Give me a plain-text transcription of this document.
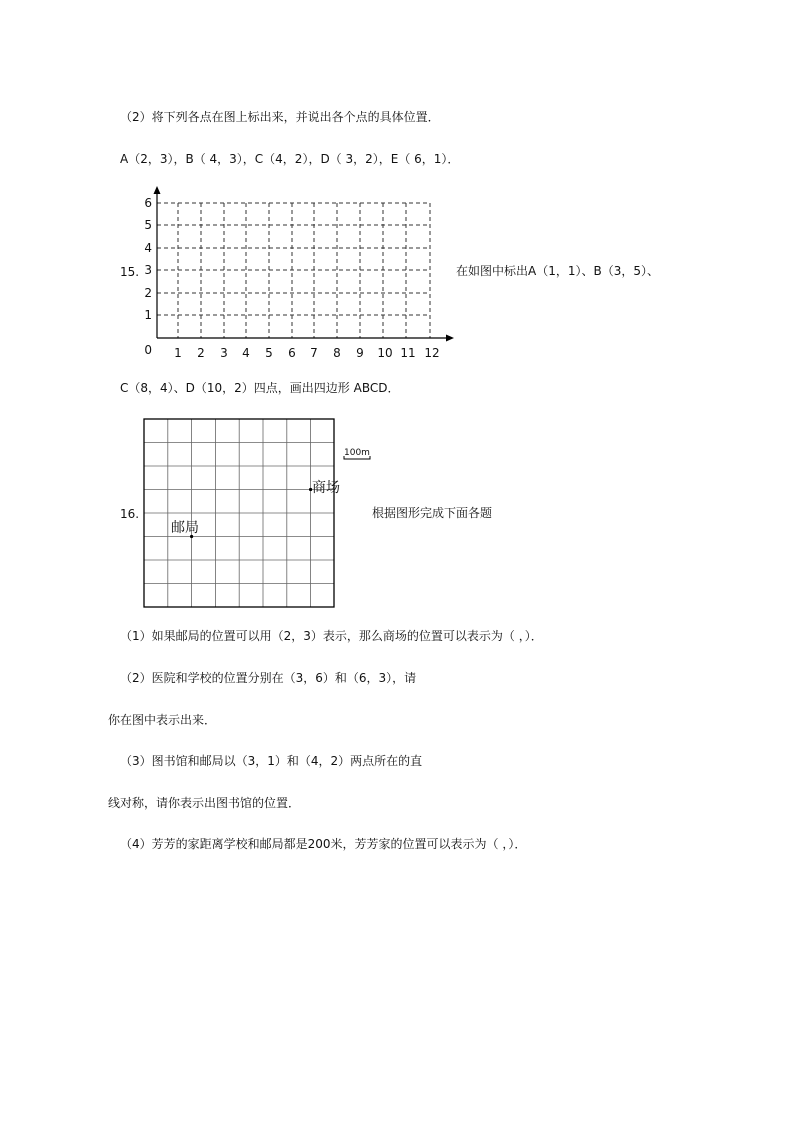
（2）将下列各点在图上标出来，并说出各个点的具体位置．
A（2，3），B（ 4，3），C（4，2），D（ 3，2），E（ 6，1）．
15.	在如图中标出A（1，1）、B（3，5）、
6
5
4
3
2
1
0 1 2 3 4 5 6 7 8 9 10 11 12
C（8，4）、D（10，2）四点，画出四边形 ABCD．
16.	根据图形完成下面各题
邮局
商场
100m
（1）如果邮局的位置可以用（2，3）表示，那么商场的位置可以表示为（ ，）．
（2）医院和学校的位置分别在（3，6）和（6，3），请
你在图中表示出来．
（3）图书馆和邮局以（3，1）和（4，2）两点所在的直
线对称，请你表示出图书馆的位置．
（4）芳芳的家距离学校和邮局都是200米，芳芳家的位置可以表示为（ ，）．
